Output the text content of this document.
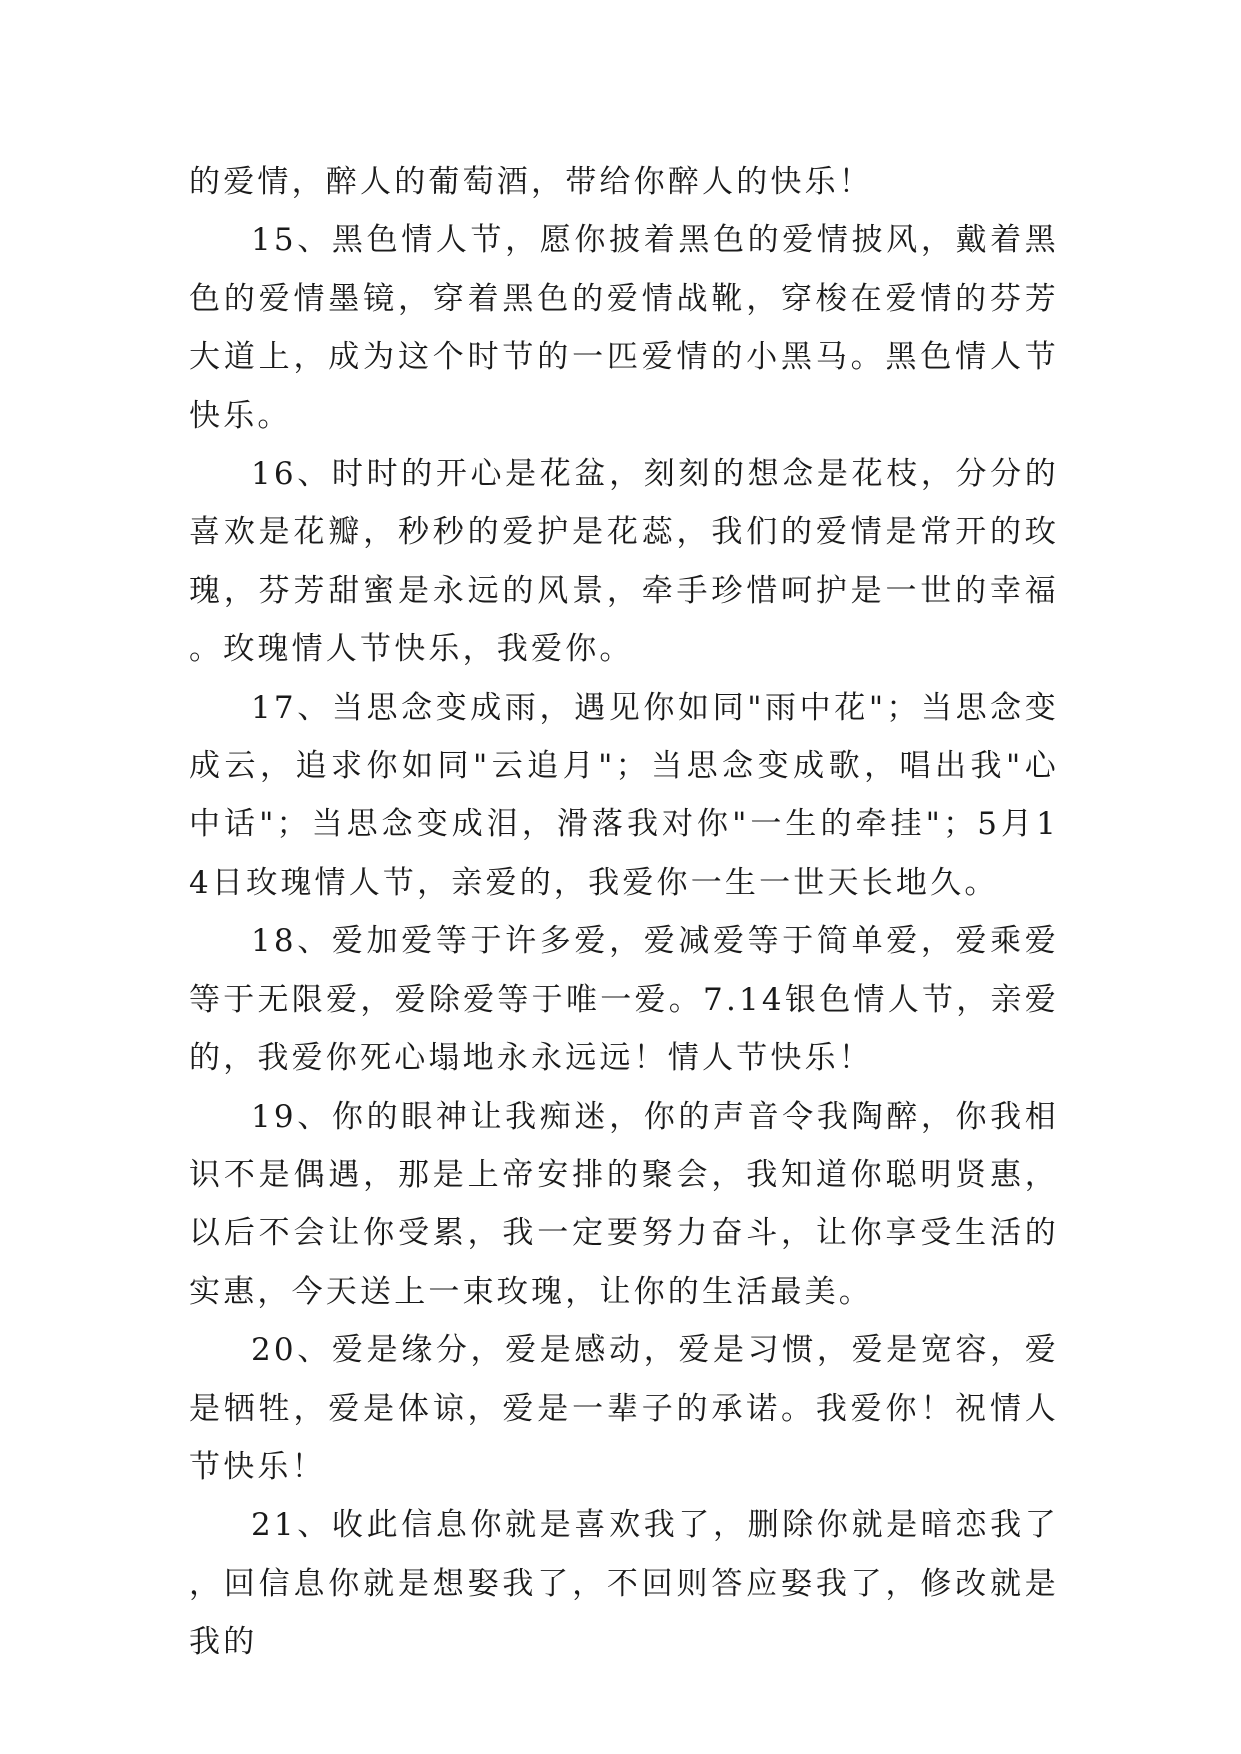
的爱情，醉人的葡萄酒，带给你醉人的快乐！

15、黑色情人节，愿你披着黑色的爱情披风，戴着黑色的爱情墨镜，穿着黑色的爱情战靴，穿梭在爱情的芬芳大道上，成为这个时节的一匹爱情的小黑马。黑色情人节快乐。

16、时时的开心是花盆，刻刻的想念是花枝，分分的喜欢是花瓣，秒秒的爱护是花蕊，我们的爱情是常开的玫瑰，芬芳甜蜜是永远的风景，牵手珍惜呵护是一世的幸福。玫瑰情人节快乐，我爱你。

17、当思念变成雨，遇见你如同"雨中花"；当思念变成云，追求你如同"云追月"；当思念变成歌，唱出我"心中话"；当思念变成泪，滑落我对你"一生的牵挂"；5月14日玫瑰情人节，亲爱的，我爱你一生一世天长地久。

18、爱加爱等于许多爱，爱减爱等于简单爱，爱乘爱等于无限爱，爱除爱等于唯一爱。7.14银色情人节，亲爱的，我爱你死心塌地永永远远！情人节快乐！

19、你的眼神让我痴迷，你的声音令我陶醉，你我相识不是偶遇，那是上帝安排的聚会，我知道你聪明贤惠，以后不会让你受累，我一定要努力奋斗，让你享受生活的实惠，今天送上一束玫瑰，让你的生活最美。

20、爱是缘分，爱是感动，爱是习惯，爱是宽容，爱是牺牲，爱是体谅，爱是一辈子的承诺。我爱你！祝情人节快乐！

21、收此信息你就是喜欢我了，删除你就是暗恋我了，回信息你就是想娶我了，不回则答应娶我了，修改就是我的
